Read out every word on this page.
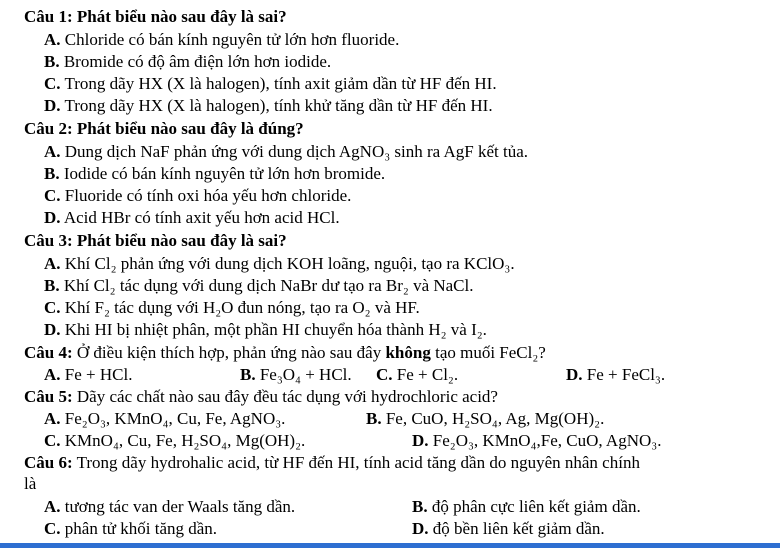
Câu 1: Phát biểu nào sau đây là sai?
A. Chloride có bán kính nguyên tử lớn hơn fluoride.
B. Bromide có độ âm điện lớn hơn iodide.
C. Trong dãy HX (X là halogen), tính axit giảm dần từ HF đến HI.
D. Trong dãy HX (X là halogen), tính khử tăng dần từ HF đến HI.
Câu 2: Phát biểu nào sau đây là đúng?
A. Dung dịch NaF phản ứng với dung dịch AgNO₃ sinh ra AgF kết tủa.
B. Iodide có bán kính nguyên tử lớn hơn bromide.
C. Fluoride có tính oxi hóa yếu hơn chloride.
D. Acid HBr có tính axit yếu hơn acid HCl.
Câu 3: Phát biểu nào sau đây là sai?
A. Khí Cl₂ phản ứng với dung dịch KOH loãng, nguội, tạo ra KClO₃.
B. Khí Cl₂ tác dụng với dung dịch NaBr dư tạo ra Br₂ và NaCl.
C. Khí F₂ tác dụng với H₂O đun nóng, tạo ra O₂ và HF.
D. Khi HI bị nhiệt phân, một phần HI chuyển hóa thành H₂ và I₂.
Câu 4: Ở điều kiện thích hợp, phản ứng nào sau đây không tạo muối FeCl₂?
A. Fe + HCl.	B. Fe₃O₄ + HCl. C. Fe + Cl₂.	D. Fe + FeCl₃.
Câu 5: Dãy các chất nào sau đây đều tác dụng với hydrochloric acid?
A. Fe₂O₃, KMnO₄, Cu, Fe, AgNO₃.	B. Fe, CuO, H₂SO₄, Ag, Mg(OH)₂.
C. KMnO₄, Cu, Fe, H₂SO₄, Mg(OH)₂.	D. Fe₂O₃, KMnO₄,Fe, CuO, AgNO₃.
Câu 6: Trong dãy hydrohalic acid, từ HF đến HI, tính acid tăng dần do nguyên nhân chính
là
A. tương tác van der Waals tăng dần.	B. độ phân cực liên kết giảm dần.
C. phân tử khối tăng dần.	D. độ bền liên kết giảm dần.
